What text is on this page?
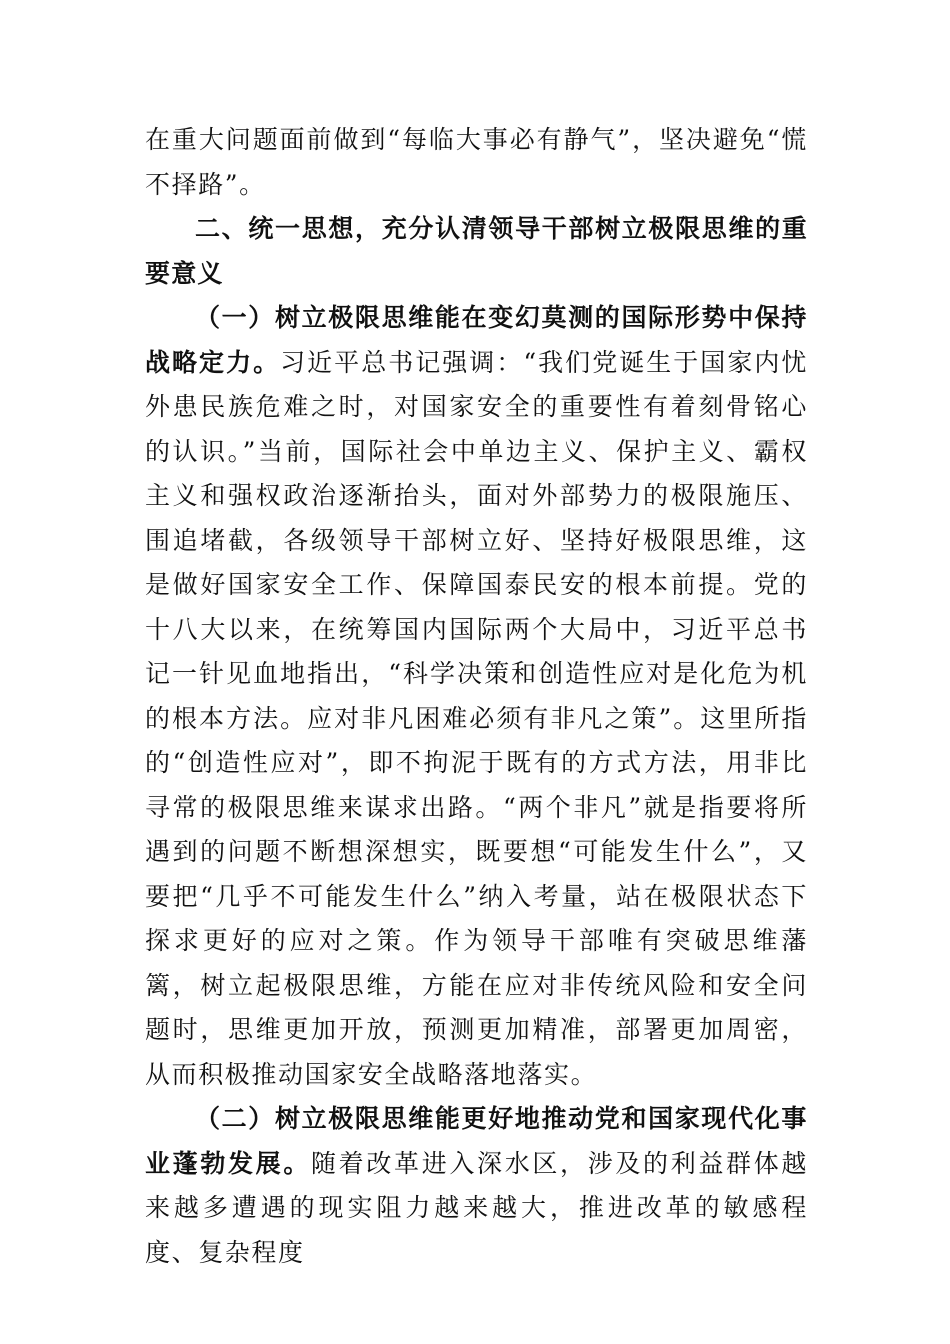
在重大问题面前做到“每临大事必有静气”，坚决避免“慌不择路”。

二、统一思想，充分认清领导干部树立极限思维的重要意义

（一）树立极限思维能在变幻莫测的国际形势中保持战略定力。习近平总书记强调：“我们党诞生于国家内忧外患民族危难之时，对国家安全的重要性有着刻骨铭心的认识。”当前，国际社会中单边主义、保护主义、霸权主义和强权政治逐渐抬头，面对外部势力的极限施压、围追堵截，各级领导干部树立好、坚持好极限思维，这是做好国家安全工作、保障国泰民安的根本前提。党的十八大以来，在统筹国内国际两个大局中，习近平总书记一针见血地指出，“科学决策和创造性应对是化危为机的根本方法。应对非凡困难必须有非凡之策”。这里所指的“创造性应对”，即不拘泥于既有的方式方法，用非比寻常的极限思维来谋求出路。“两个非凡”就是指要将所遇到的问题不断想深想实，既要想“可能发生什么”，又要把“几乎不可能发生什么”纳入考量，站在极限状态下探求更好的应对之策。作为领导干部唯有突破思维藩篱，树立起极限思维，方能在应对非传统风险和安全问题时，思维更加开放，预测更加精准，部署更加周密，从而积极推动国家安全战略落地落实。

（二）树立极限思维能更好地推动党和国家现代化事业蓬勃发展。随着改革进入深水区，涉及的利益群体越来越多遭遇的现实阻力越来越大，推进改革的敏感程度、复杂程度
